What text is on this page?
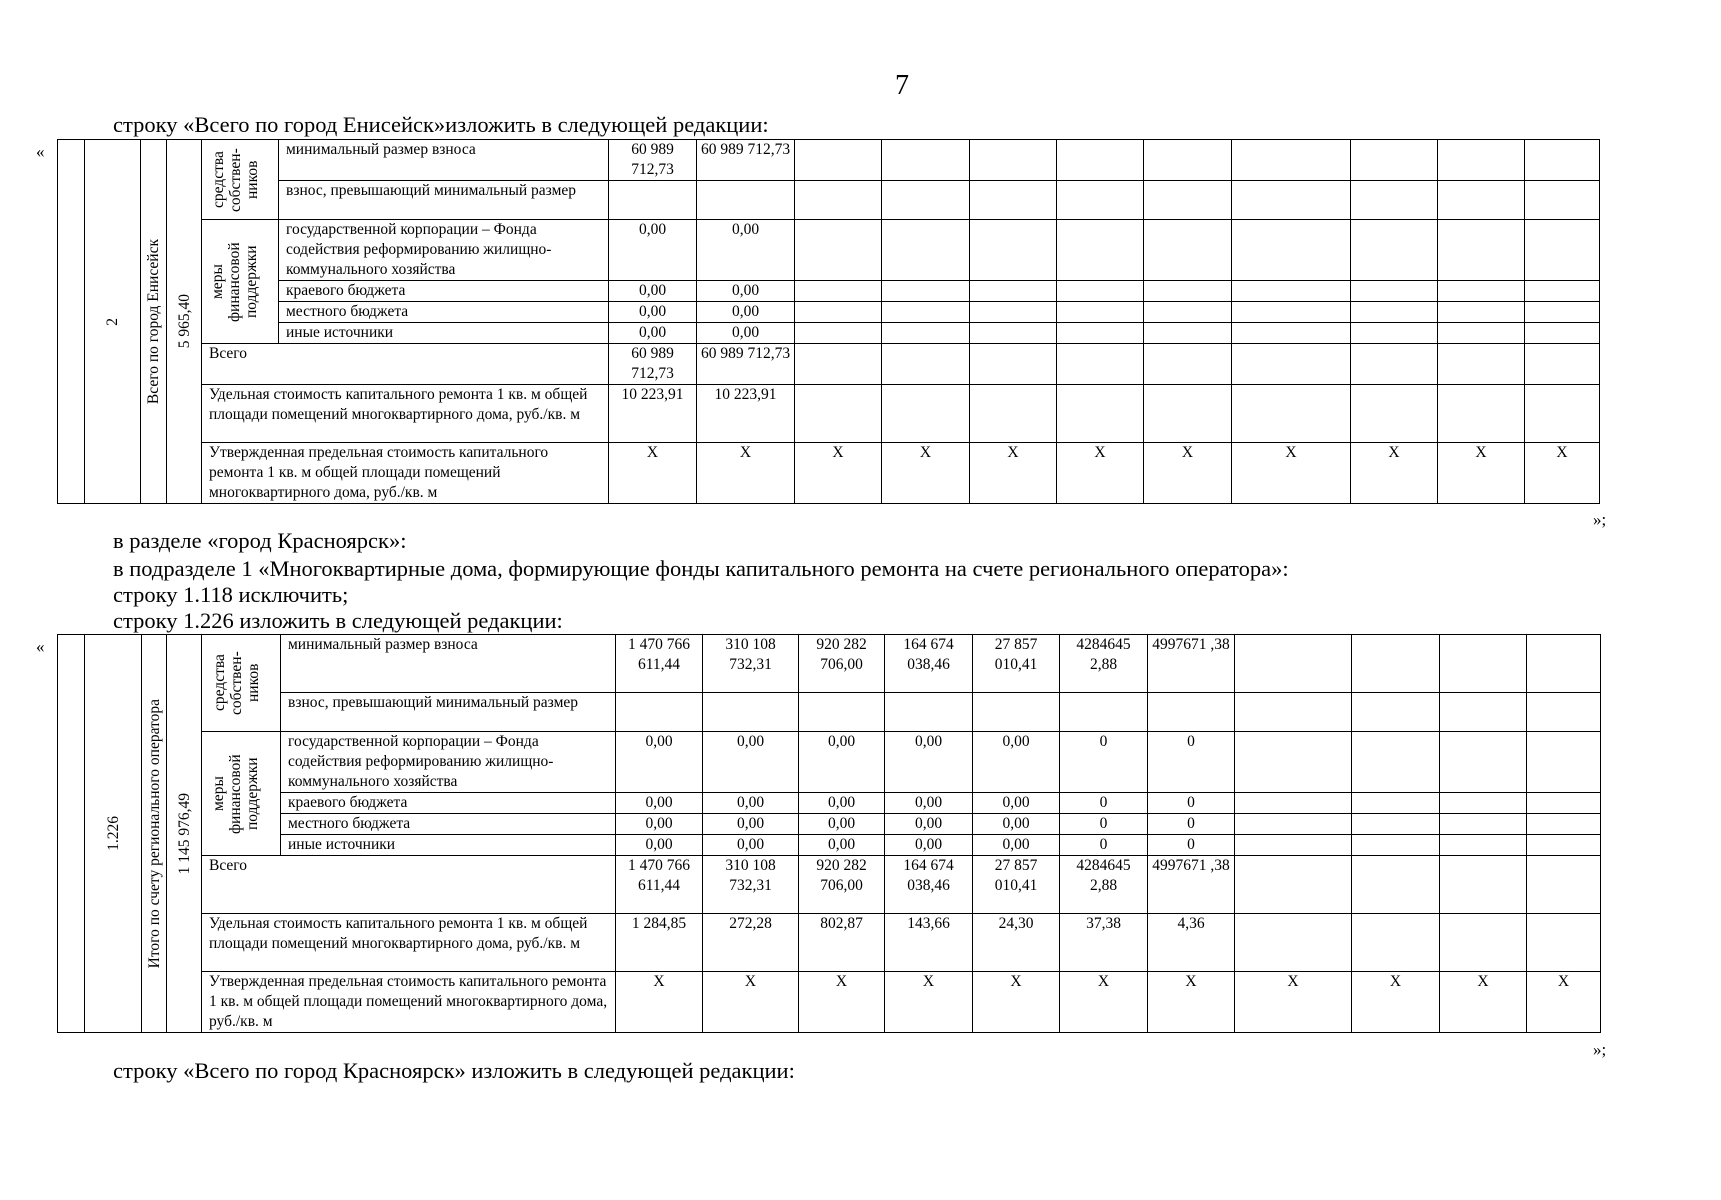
7
строку «Всего по город Енисейск»изложить в следующей редакции:
«

	2	Всего по город Енисейск	5 965,40	средства собствен-ников	минимальный размер взноса	60 989 712,73	60 989 712,73									
					взнос, превышающий минимальный размер											

				меры финансовой поддержки	государственной корпорации – Фонда содействия реформированию жилищно-коммунального хозяйства	0,00	0,00									
					краевого бюджета	0,00	0,00									
					местного бюджета	0,00	0,00									
					иные источники	0,00	0,00									
				Всего		60 989 712,73	60 989 712,73									
				Удельная стоимость капитального ремонта 1 кв. м общей площади помещений многоквартирного дома, руб./кв. м		10 223,91	10 223,91									
				Утвержденная предельная стоимость капитального ремонта 1 кв. м общей площади помещений многоквартирного дома, руб./кв. м		Х	Х	Х	Х	Х	Х	Х	Х	Х	Х	Х
»;
в разделе «город Красноярск»:
в подразделе 1 «Многоквартирные дома, формирующие фонды капитального ремонта на счете регионального оператора»:
строку 1.118 исключить;
строку 1.226 изложить в следующей редакции:
«

	1.226	Итого по счету регионального оператора	1 145 976,49	средства собствен-ников	минимальный размер взноса	1 470 766 611,44	310 108 732,31	920 282 706,00	164 674 038,46	27 857 010,41	4284645 2,88	4997671 ,38				
					взнос, превышающий минимальный размер											

				меры финансовой поддержки	государственной корпорации – Фонда содействия реформированию жилищно-коммунального хозяйства	0,00	0,00	0,00	0,00	0,00	0	0				
					краевого бюджета	0,00	0,00	0,00	0,00	0,00	0	0				
					местного бюджета	0,00	0,00	0,00	0,00	0,00	0	0				
					иные источники	0,00	0,00	0,00	0,00	0,00	0	0				
				Всего		1 470 766 611,44	310 108 732,31	920 282 706,00	164 674 038,46	27 857 010,41	4284645 2,88	4997671 ,38				
				Удельная стоимость капитального ремонта 1 кв. м общей площади помещений многоквартирного дома, руб./кв. м		1 284,85	272,28	802,87	143,66	24,30	37,38	4,36				
				Утвержденная предельная стоимость капитального ремонта 1 кв. м общей площади помещений многоквартирного дома, руб./кв. м		Х	Х	Х	Х	Х	Х	Х	Х	Х	Х	Х
»;
строку «Всего по город Красноярск» изложить в следующей редакции:
